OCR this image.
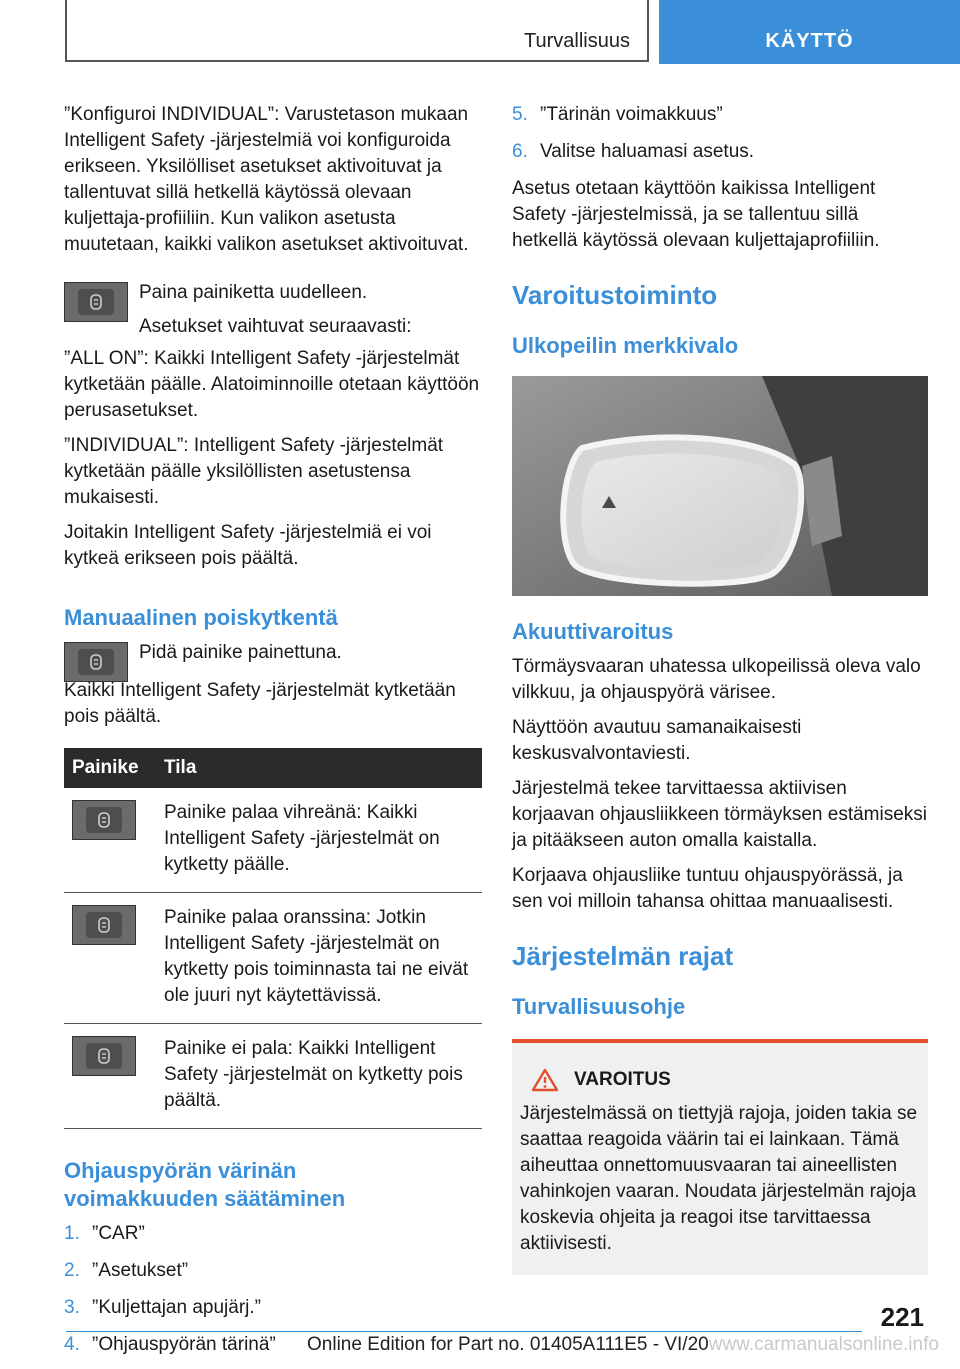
Turvallisuus	KÄYTTÖ

”Konfiguroi INDIVIDUAL”: Varustetason mukaan Intelligent Safety -järjestelmiä voi konfiguroida erikseen. Yksilölliset asetukset aktivoituvat ja tallentuvat sillä hetkellä käytössä olevaan kuljettaja-profiiliin. Kun valikon asetusta muutetaan, kaikki valikon asetukset aktivoituvat.

Paina painiketta uudelleen.

Asetukset vaihtuvat seuraavasti:

”ALL ON”: Kaikki Intelligent Safety -järjestelmät kytketään päälle. Alatoiminnoille otetaan käyttöön perusasetukset.

”INDIVIDUAL”: Intelligent Safety -järjestelmät kytketään päälle yksilöllisten asetustensa mukaisesti.

Joitakin Intelligent Safety -järjestelmiä ei voi kytkeä erikseen pois päältä.

Manuaalinen poiskytkentä

Pidä painike painettuna.

Kaikki Intelligent Safety -järjestelmät kytketään pois päältä.

Painike	Tila

	Painike palaa vihreänä: Kaikki Intelligent Safety -järjestelmät on kytketty päälle.

	Painike palaa oranssina: Jotkin Intelligent Safety -järjestelmät on kytketty pois toiminnasta tai ne eivät ole juuri nyt käytettävissä.

	Painike ei pala: Kaikki Intelligent Safety -järjestelmät on kytketty pois päältä.
Ohjauspyörän värinän voimakkuuden säätäminen
1. ”CAR”
2. ”Asetukset”
3. ”Kuljettajan apujärj.”
4. ”Ohjauspyörän tärinä”
5. ”Tärinän voimakkuus”
6. Valitse haluamasi asetus.

Asetus otetaan käyttöön kaikissa Intelligent Safety -järjestelmissä, ja se tallentuu sillä hetkellä käytössä olevaan kuljettajaprofiiliin.

Varoitustoiminto
Ulkopeilin merkkivalo
Akuuttivaroitus

Törmäysvaaran uhatessa ulkopeilissä oleva valo vilkkuu, ja ohjauspyörä värisee.

Näyttöön avautuu samanaikaisesti keskusvalvontaviesti.

Järjestelmä tekee tarvittaessa aktiivisen korjaavan ohjausliikkeen törmäyksen estämiseksi ja pitääkseen auton omalla kaistalla.

Korjaava ohjausliike tuntuu ohjauspyörässä, ja sen voi milloin tahansa ohittaa manuaalisesti.

Järjestelmän rajat
Turvallisuusohje
VAROITUS

Järjestelmässä on tiettyjä rajoja, joiden takia se saattaa reagoida väärin tai ei lainkaan. Tämä aiheuttaa onnettomuusvaaran tai aineellisten vahinkojen vaaran. Noudata järjestelmän rajoja koskevia ohjeita ja reagoi itse tarvittaessa aktiivisesti.

221
Online Edition for Part no. 01405A111E5 - VI/20www.carmanualsonline.info
